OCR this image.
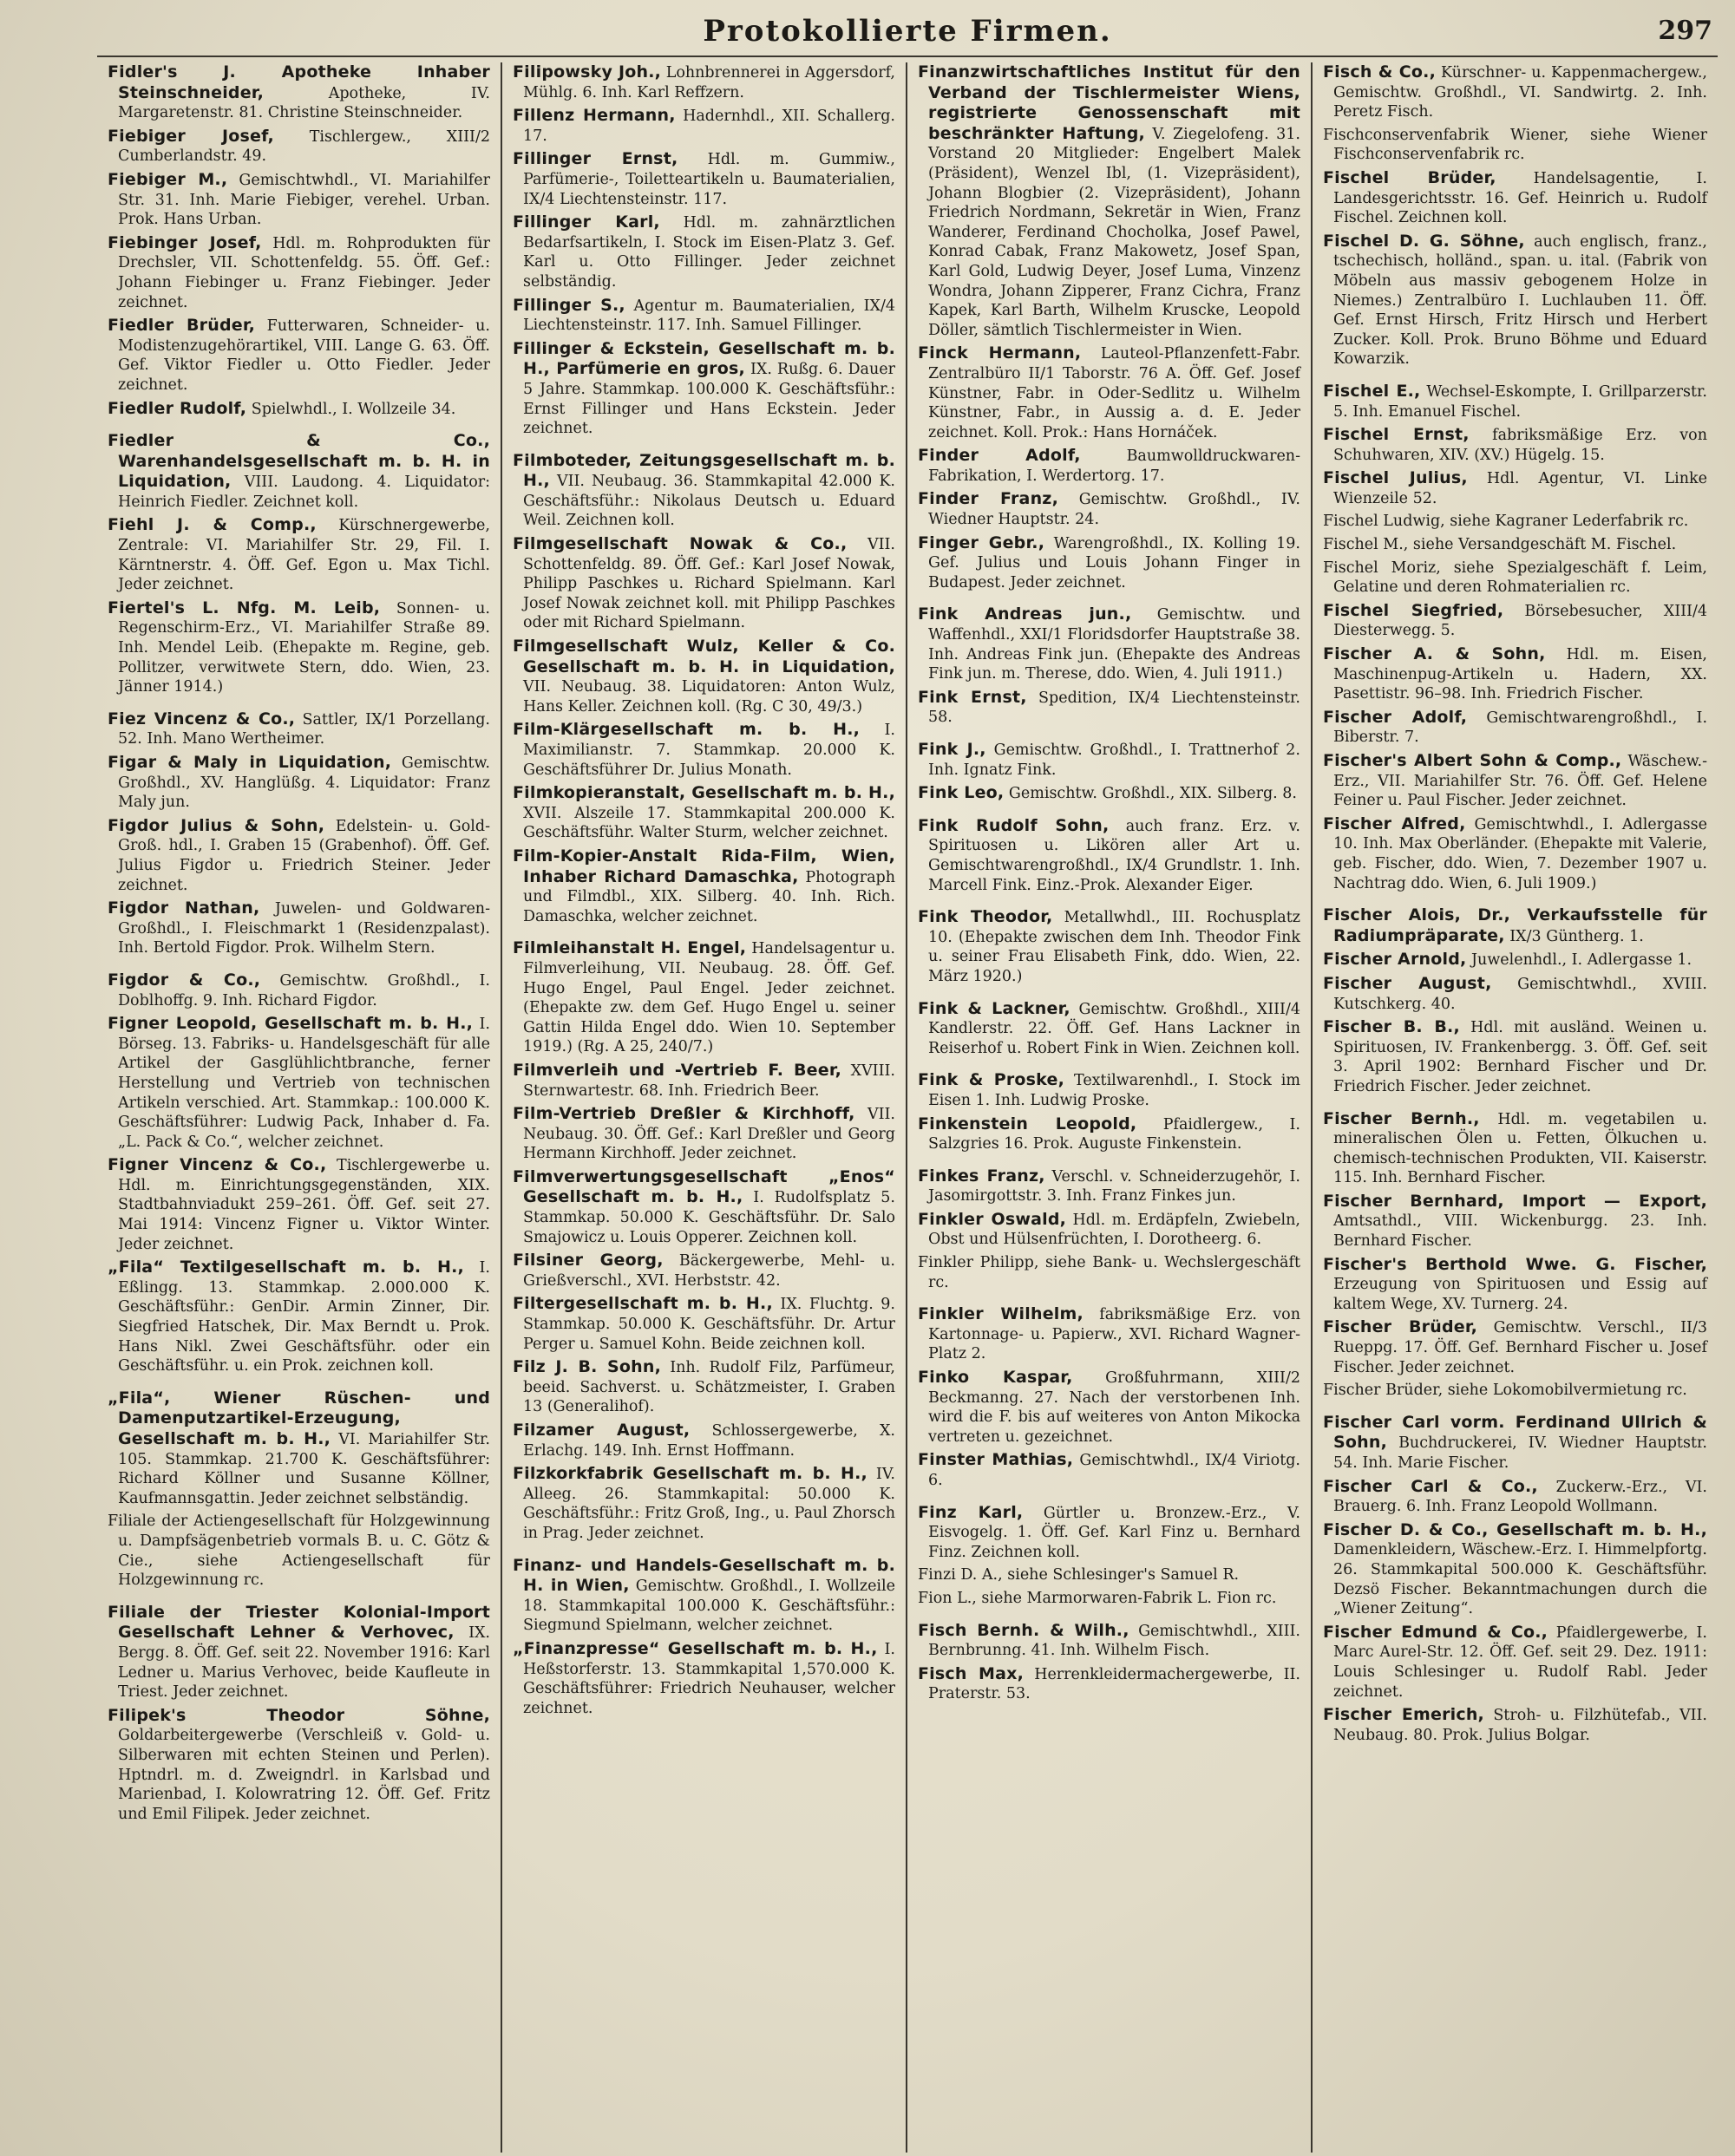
Protokollierte Firmen.	297

Fidler's J. Apotheke Inhaber Steinschneider,	Apotheke, IV. Margaretenstr. 81. Christine Steinschneider.

Fiebiger Josef, Tischlergew., XIII/2 Cumberlandstr. 49.

Fiebiger M., Gemischtwhdl., VI. Mariahilfer Str. 31. Inh. Marie Fiebiger, verehel. Urban. Prok. Hans Urban.

Fiebinger Josef, Hdl. m. Rohprodukten für Drechsler, VII. Schottenfeldg. 55. Öff. Gef.: Johann Fiebinger u. Franz Fiebinger. Jeder zeichnet.

Fiedler Brüder, Futterwaren, Schneider- u. Modistenzugehörartikel, VIII. Lange G. 63. Öff. Gef. Viktor Fiedler u. Otto Fiedler. Jeder zeichnet.

Fiedler Rudolf, Spielwhdl., I. Wollzeile 34.

Fiedler & Co., Warenhandelsgesellschaft m. b. H. in Liquidation, VIII. Laudong. 4. Liquidator: Heinrich Fiedler. Zeichnet koll.

Fiehl J. & Comp., Kürschnergewerbe, Zentrale: VI. Mariahilfer Str. 29, Fil. I. Kärntnerstr. 4. Öff. Gef. Egon u. Max Tichl. Jeder zeichnet.

Fiertel's L. Nfg. M. Leib, Sonnen- u. Regenschirm-Erz., VI. Mariahilfer Straße 89. Inh. Mendel Leib. (Ehepakte m. Regine, geb. Pollitzer, verwitwete Stern, ddo. Wien, 23. Jänner 1914.)

Fiez Vincenz & Co., Sattler, IX/1 Porzellang. 52. Inh. Mano Wertheimer.

Figar & Maly in Liquidation, Gemischtw. Großhdl., XV. Hanglüßg. 4. Liquidator: Franz Maly jun.

Figdor Julius & Sohn, Edelstein- u. Gold- Groß. hdl., I. Graben 15 (Grabenhof). Öff. Gef. Julius Figdor u. Friedrich Steiner. Jeder zeichnet.

Figdor Nathan, Juwelen- und Goldwaren-Großhdl., I. Fleischmarkt 1 (Residenzpalast). Inh. Bertold Figdor. Prok. Wilhelm Stern.

Figdor & Co., Gemischtw. Großhdl., I. Doblhoffg. 9. Inh. Richard Figdor.

Figner Leopold, Gesellschaft m. b. H., I. Börseg. 13. Fabriks- u. Handelsgeschäft für alle Artikel der Gasglühlichtbranche, ferner Herstellung und Vertrieb von technischen Artikeln verschied. Art. Stammkap.: 100.000 K. Geschäftsführer: Ludwig Pack, Inhaber d. Fa. „L. Pack & Co.“, welcher zeichnet.

Figner Vincenz & Co., Tischlergewerbe u. Hdl. m. Einrichtungsgegenständen, XIX. Stadtbahnviadukt 259–261. Öff. Gef. seit 27. Mai 1914: Vincenz Figner u. Viktor Winter. Jeder zeichnet.

„Fila“ Textilgesellschaft m. b. H., I. Eßlingg. 13. Stammkap. 2.000.000 K. Geschäftsführ.: GenDir. Armin Zinner, Dir. Siegfried Hatschek, Dir. Max Berndt u. Prok. Hans Nikl. Zwei Geschäftsführ. oder ein Geschäftsführ. u. ein Prok. zeichnen koll.

„Fila“, Wiener Rüschen- und Damenputzartikel-Erzeugung, Gesellschaft m. b. H., VI. Mariahilfer Str. 105. Stammkap. 21.700 K. Geschäftsführer: Richard Köllner und Susanne Köllner, Kaufmannsgattin. Jeder zeichnet selbständig.

Filiale der Actiengesellschaft für Holzgewinnung u. Dampfsägenbetrieb vormals B. u. C. Götz & Cie., siehe Actiengesellschaft für Holzgewinnung rc.

Filiale der Triester Kolonial-Import Gesellschaft Lehner & Verhovec, IX. Bergg. 8. Öff. Gef. seit 22. November 1916: Karl Ledner u. Marius Verhovec, beide Kaufleute in Triest. Jeder zeichnet.

Filipek's Theodor Söhne, Goldarbeitergewerbe (Verschleiß v. Gold- u. Silberwaren mit echten Steinen und Perlen). Hptndrl. m. d. Zweigndrl. in Karlsbad und Marienbad, I. Kolowratring 12. Öff. Gef. Fritz und Emil Filipek. Jeder zeichnet.

Filipowsky Joh., Lohnbrennerei in Aggersdorf, Mühlg. 6. Inh. Karl Reffzern.

Fillenz Hermann, Hadernhdl., XII. Schallerg. 17.

Fillinger Ernst, Hdl. m. Gummiw., Parfümerie-, Toiletteartikeln u. Baumaterialien, IX/4 Liechtensteinstr. 117.

Fillinger Karl, Hdl. m. zahnärztlichen Bedarfsartikeln, I. Stock im Eisen-Platz 3. Gef. Karl u. Otto Fillinger. Jeder zeichnet selbständig.

Fillinger S., Agentur m. Baumaterialien, IX/4 Liechtensteinstr. 117. Inh. Samuel Fillinger.

Fillinger & Eckstein, Gesellschaft m. b. H., Parfümerie en gros, IX. Rußg. 6. Dauer 5 Jahre. Stammkap. 100.000 K. Geschäftsführ.: Ernst Fillinger und Hans Eckstein. Jeder zeichnet.

Filmboteder, Zeitungsgesellschaft m. b. H., VII. Neubaug. 36. Stammkapital 42.000 K. Geschäftsführ.: Nikolaus Deutsch u. Eduard Weil. Zeichnen koll.

Filmgesellschaft Nowak & Co., VII. Schottenfeldg. 89. Öff. Gef.: Karl Josef Nowak, Philipp Paschkes u. Richard Spielmann. Karl Josef Nowak zeichnet koll. mit Philipp Paschkes oder mit Richard Spielmann.

Filmgesellschaft Wulz, Keller & Co. Gesellschaft m. b. H. in Liquidation, VII. Neubaug. 38. Liquidatoren: Anton Wulz, Hans Keller. Zeichnen koll. (Rg. C 30, 49/3.)

Film-Klärgesellschaft m. b. H., I. Maximilianstr. 7. Stammkap. 20.000 K. Geschäftsführer Dr. Julius Monath.

Filmkopieranstalt, Gesellschaft m. b. H., XVII. Alszeile 17. Stammkapital 200.000 K. Geschäftsführ. Walter Sturm, welcher zeichnet.

Film-Kopier-Anstalt Rida-Film, Wien, Inhaber Richard Damaschka, Photograph und Filmdbl., XIX. Silberg. 40. Inh. Rich. Damaschka, welcher zeichnet.

Filmleihanstalt H. Engel, Handelsagentur u. Filmverleihung, VII. Neubaug. 28. Öff. Gef. Hugo Engel, Paul Engel. Jeder zeichnet. (Ehepakte zw. dem Gef. Hugo Engel u. seiner Gattin Hilda Engel ddo. Wien 10. September 1919.) (Rg. A 25, 240/7.)

Filmverleih und -Vertrieb F. Beer, XVIII. Sternwartestr. 68. Inh. Friedrich Beer.

Film-Vertrieb Dreßler & Kirchhoff, VII. Neubaug. 30. Öff. Gef.: Karl Dreßler und Georg Hermann Kirchhoff. Jeder zeichnet.

Filmverwertungsgesellschaft „Enos“ Gesellschaft m. b. H., I. Rudolfsplatz 5. Stammkap. 50.000 K. Geschäftsführ. Dr. Salo Smajowicz u. Louis Opperer. Zeichnen koll.

Filsiner Georg, Bäckergewerbe, Mehl- u. Grießverschl., XVI. Herbststr. 42.

Filtergesellschaft m. b. H., IX. Fluchtg. 9. Stammkap. 50.000 K. Geschäftsführ. Dr. Artur Perger u. Samuel Kohn. Beide zeichnen koll.

Filz J. B. Sohn, Inh. Rudolf Filz, Parfümeur, beeid. Sachverst. u. Schätzmeister, I. Graben 13 (Generalihof).

Filzamer August, Schlossergewerbe, X. Erlachg. 149. Inh. Ernst Hoffmann.

Filzkorkfabrik Gesellschaft m. b. H., IV. Alleeg. 26. Stammkapital: 50.000 K. Geschäftsführ.: Fritz Groß, Ing., u. Paul Zhorsch in Prag. Jeder zeichnet.

Finanz- und Handels-Gesellschaft m. b. H. in Wien, Gemischtw. Großhdl., I. Wollzeile 18. Stammkapital 100.000 K. Geschäftsführ.: Siegmund Spielmann, welcher zeichnet.

„Finanzpresse“ Gesellschaft m. b. H., I. Heßstorferstr. 13. Stammkapital 1,570.000 K. Geschäftsführer: Friedrich Neuhauser, welcher zeichnet.

Finanzwirtschaftliches Institut für den Verband der Tischlermeister Wiens, registrierte Genossenschaft mit beschränkter Haftung, V. Ziegelofeng. 31. Vorstand 20 Mitglieder: Engelbert Malek (Präsident), Wenzel Ibl, (1. Vizepräsident), Johann Blogbier (2. Vizepräsident), Johann Friedrich Nordmann, Sekretär in Wien, Franz Wanderer, Ferdinand Chocholka, Josef Pawel, Konrad Cabak, Franz Makowetz, Josef Span, Karl Gold, Ludwig Deyer, Josef Luma, Vinzenz Wondra, Johann Zipperer, Franz Cichra, Franz Kapek, Karl Barth, Wilhelm Kruscke, Leopold Döller, sämtlich Tischlermeister in Wien.

Finck Hermann, Lauteol-Pflanzenfett-Fabr. Zentralbüro II/1 Taborstr. 76 A. Öff. Gef. Josef Künstner, Fabr. in Oder-Sedlitz u. Wilhelm Künstner, Fabr., in Aussig a. d. E. Jeder zeichnet. Koll. Prok.: Hans Hornáček.

Finder Adolf,	Baumwolldruckwaren-Fabrikation, I. Werdertorg. 17.

Finder Franz, Gemischtw. Großhdl., IV. Wiedner Hauptstr. 24.

Finger Gebr., Warengroßhdl., IX. Kolling 19. Gef. Julius und Louis Johann Finger in Budapest. Jeder zeichnet.

Fink Andreas jun., Gemischtw. und Waffenhdl., XXI/1 Floridsdorfer Hauptstraße 38. Inh. Andreas Fink jun. (Ehepakte des Andreas Fink jun. m. Therese, ddo. Wien, 4. Juli 1911.)

Fink Ernst, Spedition, IX/4 Liechtensteinstr. 58.

Fink J., Gemischtw. Großhdl., I. Trattnerhof 2. Inh. Ignatz Fink.

Fink Leo, Gemischtw. Großhdl., XIX. Silberg. 8.

Fink Rudolf Sohn, auch franz. Erz. v. Spirituosen u. Likören aller Art u. Gemischtwarengroßhdl., IX/4 Grundlstr. 1. Inh. Marcell Fink. Einz.-Prok. Alexander Eiger.

Fink Theodor, Metallwhdl., III. Rochusplatz 10. (Ehepakte zwischen dem Inh. Theodor Fink u. seiner Frau Elisabeth Fink, ddo. Wien, 22. März 1920.)

Fink & Lackner, Gemischtw. Großhdl., XIII/4 Kandlerstr. 22. Öff. Gef. Hans Lackner in Reiserhof u. Robert Fink in Wien. Zeichnen koll.

Fink & Proske, Textilwarenhdl., I. Stock im Eisen 1. Inh. Ludwig Proske.

Finkenstein Leopold, Pfaidlergew., I. Salzgries 16. Prok. Auguste Finkenstein.

Finkes Franz, Verschl. v. Schneiderzugehör, I. Jasomirgottstr. 3. Inh. Franz Finkes jun.

Finkler Oswald, Hdl. m. Erdäpfeln, Zwiebeln, Obst und Hülsenfrüchten, I. Dorotheerg. 6.

Finkler Philipp, siehe Bank- u. Wechslergeschäft rc.

Finkler Wilhelm, fabriksmäßige Erz. von Kartonnage- u. Papierw., XVI. Richard Wagner-Platz 2.

Finko Kaspar, Großfuhrmann, XIII/2 Beckmanng. 27. Nach der verstorbenen Inh. wird die F. bis auf weiteres von Anton Mikocka vertreten u. gezeichnet.

Finster Mathias, Gemischtwhdl., IX/4 Viriotg. 6.

Finz Karl, Gürtler u. Bronzew.-Erz., V. Eisvogelg. 1. Öff. Gef. Karl Finz u. Bernhard Finz. Zeichnen koll.

Finzi D. A., siehe Schlesinger's Samuel R.

Fion L., siehe Marmorwaren-Fabrik L. Fion rc.

Fisch Bernh. & Wilh., Gemischtwhdl., XIII. Bernbrunng. 41. Inh. Wilhelm Fisch.

Fisch Max, Herrenkleidermachergewerbe, II. Praterstr. 53.

Fisch & Co., Kürschner- u. Kappenmachergew., Gemischtw. Großhdl., VI. Sandwirtg. 2. Inh. Peretz Fisch.

Fischconservenfabrik Wiener, siehe Wiener Fischconservenfabrik rc.

Fischel Brüder, Handelsagentie, I. Landesgerichtsstr. 16. Gef. Heinrich u. Rudolf Fischel. Zeichnen koll.

Fischel D. G. Söhne, auch englisch, franz., tschechisch, holländ., span. u. ital. (Fabrik von Möbeln aus massiv gebogenem Holze in Niemes.) Zentralbüro I. Luchlauben 11. Öff. Gef. Ernst Hirsch, Fritz Hirsch und Herbert Zucker. Koll. Prok. Bruno Böhme und Eduard Kowarzik.

Fischel E., Wechsel-Eskompte, I. Grillparzerstr. 5. Inh. Emanuel Fischel.

Fischel Ernst, fabriksmäßige Erz. von Schuhwaren, XIV. (XV.) Hügelg. 15.

Fischel Julius, Hdl. Agentur, VI. Linke Wienzeile 52.

Fischel Ludwig, siehe Kagraner Lederfabrik rc.

Fischel M., siehe Versandgeschäft M. Fischel.

Fischel Moriz, siehe Spezialgeschäft f. Leim, Gelatine und deren Rohmaterialien rc.

Fischel Siegfried, Börsebesucher, XIII/4 Diesterwegg. 5.

Fischer A. & Sohn, Hdl. m. Eisen, Maschinenpug-Artikeln u. Hadern, XX. Pasettistr. 96–98. Inh. Friedrich Fischer.

Fischer Adolf, Gemischtwarengroßhdl., I. Biberstr. 7.

Fischer's Albert Sohn & Comp., Wäschew.-Erz., VII. Mariahilfer Str. 76. Öff. Gef. Helene Feiner u. Paul Fischer. Jeder zeichnet.

Fischer Alfred, Gemischtwhdl., I. Adlergasse 10. Inh. Max Oberländer. (Ehepakte mit Valerie, geb. Fischer, ddo. Wien, 7. Dezember 1907 u. Nachtrag ddo. Wien, 6. Juli 1909.)

Fischer Alois, Dr., Verkaufsstelle für Radiumpräparate, IX/3 Güntherg. 1.

Fischer Arnold, Juwelenhdl., I. Adlergasse 1.

Fischer August, Gemischtwhdl., XVIII. Kutschkerg. 40.

Fischer B. B., Hdl. mit ausländ. Weinen u. Spirituosen, IV. Frankenbergg. 3. Öff. Gef. seit 3. April 1902: Bernhard Fischer und Dr. Friedrich Fischer. Jeder zeichnet.

Fischer Bernh., Hdl. m. vegetabilen u. mineralischen Ölen u. Fetten, Ölkuchen u. chemisch-technischen Produkten, VII. Kaiserstr. 115. Inh. Bernhard Fischer.

Fischer Bernhard, Import — Export, Amtsathdl., VIII. Wickenburgg. 23. Inh. Bernhard Fischer.

Fischer's Berthold Wwe. G. Fischer, Erzeugung von Spirituosen und Essig auf kaltem Wege, XV. Turnerg. 24.

Fischer Brüder, Gemischtw. Verschl., II/3 Rueppg. 17. Öff. Gef. Bernhard Fischer u. Josef Fischer. Jeder zeichnet.

Fischer Brüder, siehe Lokomobilvermietung rc.

Fischer Carl vorm. Ferdinand Ullrich & Sohn, Buchdruckerei, IV. Wiedner Hauptstr. 54. Inh. Marie Fischer.

Fischer Carl & Co., Zuckerw.-Erz., VI. Brauerg. 6. Inh. Franz Leopold Wollmann.

Fischer D. & Co., Gesellschaft m. b. H., Damenkleidern, Wäschew.-Erz. I. Himmelpfortg. 26. Stammkapital 500.000 K. Geschäftsführ. Dezsö Fischer. Bekanntmachungen durch die „Wiener Zeitung“.

Fischer Edmund & Co., Pfaidlergewerbe, I. Marc Aurel-Str. 12. Öff. Gef. seit 29. Dez. 1911: Louis Schlesinger u. Rudolf Rabl. Jeder zeichnet.

Fischer Emerich, Stroh- u. Filzhütefab., VII. Neubaug. 80. Prok. Julius Bolgar.
